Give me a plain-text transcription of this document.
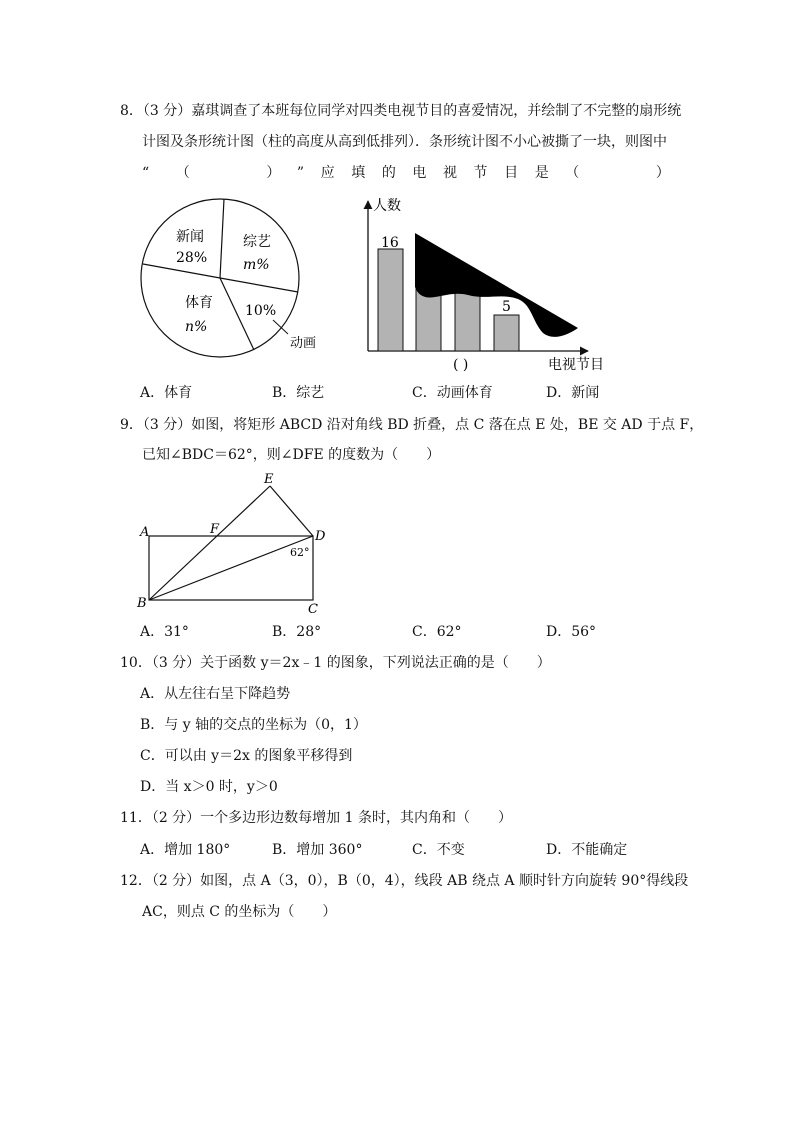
8．（3 分）嘉琪调查了本班每位同学对四类电视节目的喜爱情况，并绘制了不完整的扇形统
计图及条形统计图（柱的高度从高到低排列）．条形统计图不小心被撕了一块，则图中
“ （	） ” 应 填 的 电 视 节 目 是 （	）
新闻
28%
综艺
m%
体育
n%
10%
动画
人数
电视节目
16
5
( )
A．体育	B．综艺	C．动画体育	D．新闻
9．（3 分）如图，将矩形 ABCD 沿对角线 BD 折叠，点 C 落在点 E 处，BE 交 AD 于点 F，
已知∠BDC＝62°，则∠DFE 的度数为（　　）
E
A	F	D
62°
B	C
A．31°	B．28°	C．62°	D．56°
10．（3 分）关于函数 y＝2x﹣1 的图象，下列说法正确的是（　　）
A．从左往右呈下降趋势
B．与 y 轴的交点的坐标为（0，1）
C．可以由 y＝2x 的图象平移得到
D．当 x＞0 时，y＞0
11．（2 分）一个多边形边数每增加 1 条时，其内角和（　　）
A．增加 180°	B．增加 360°	C．不变	D．不能确定
12．（2 分）如图，点 A（3，0），B（0，4），线段 AB 绕点 A 顺时针方向旋转 90°得线段
AC，则点 C 的坐标为（　　）
